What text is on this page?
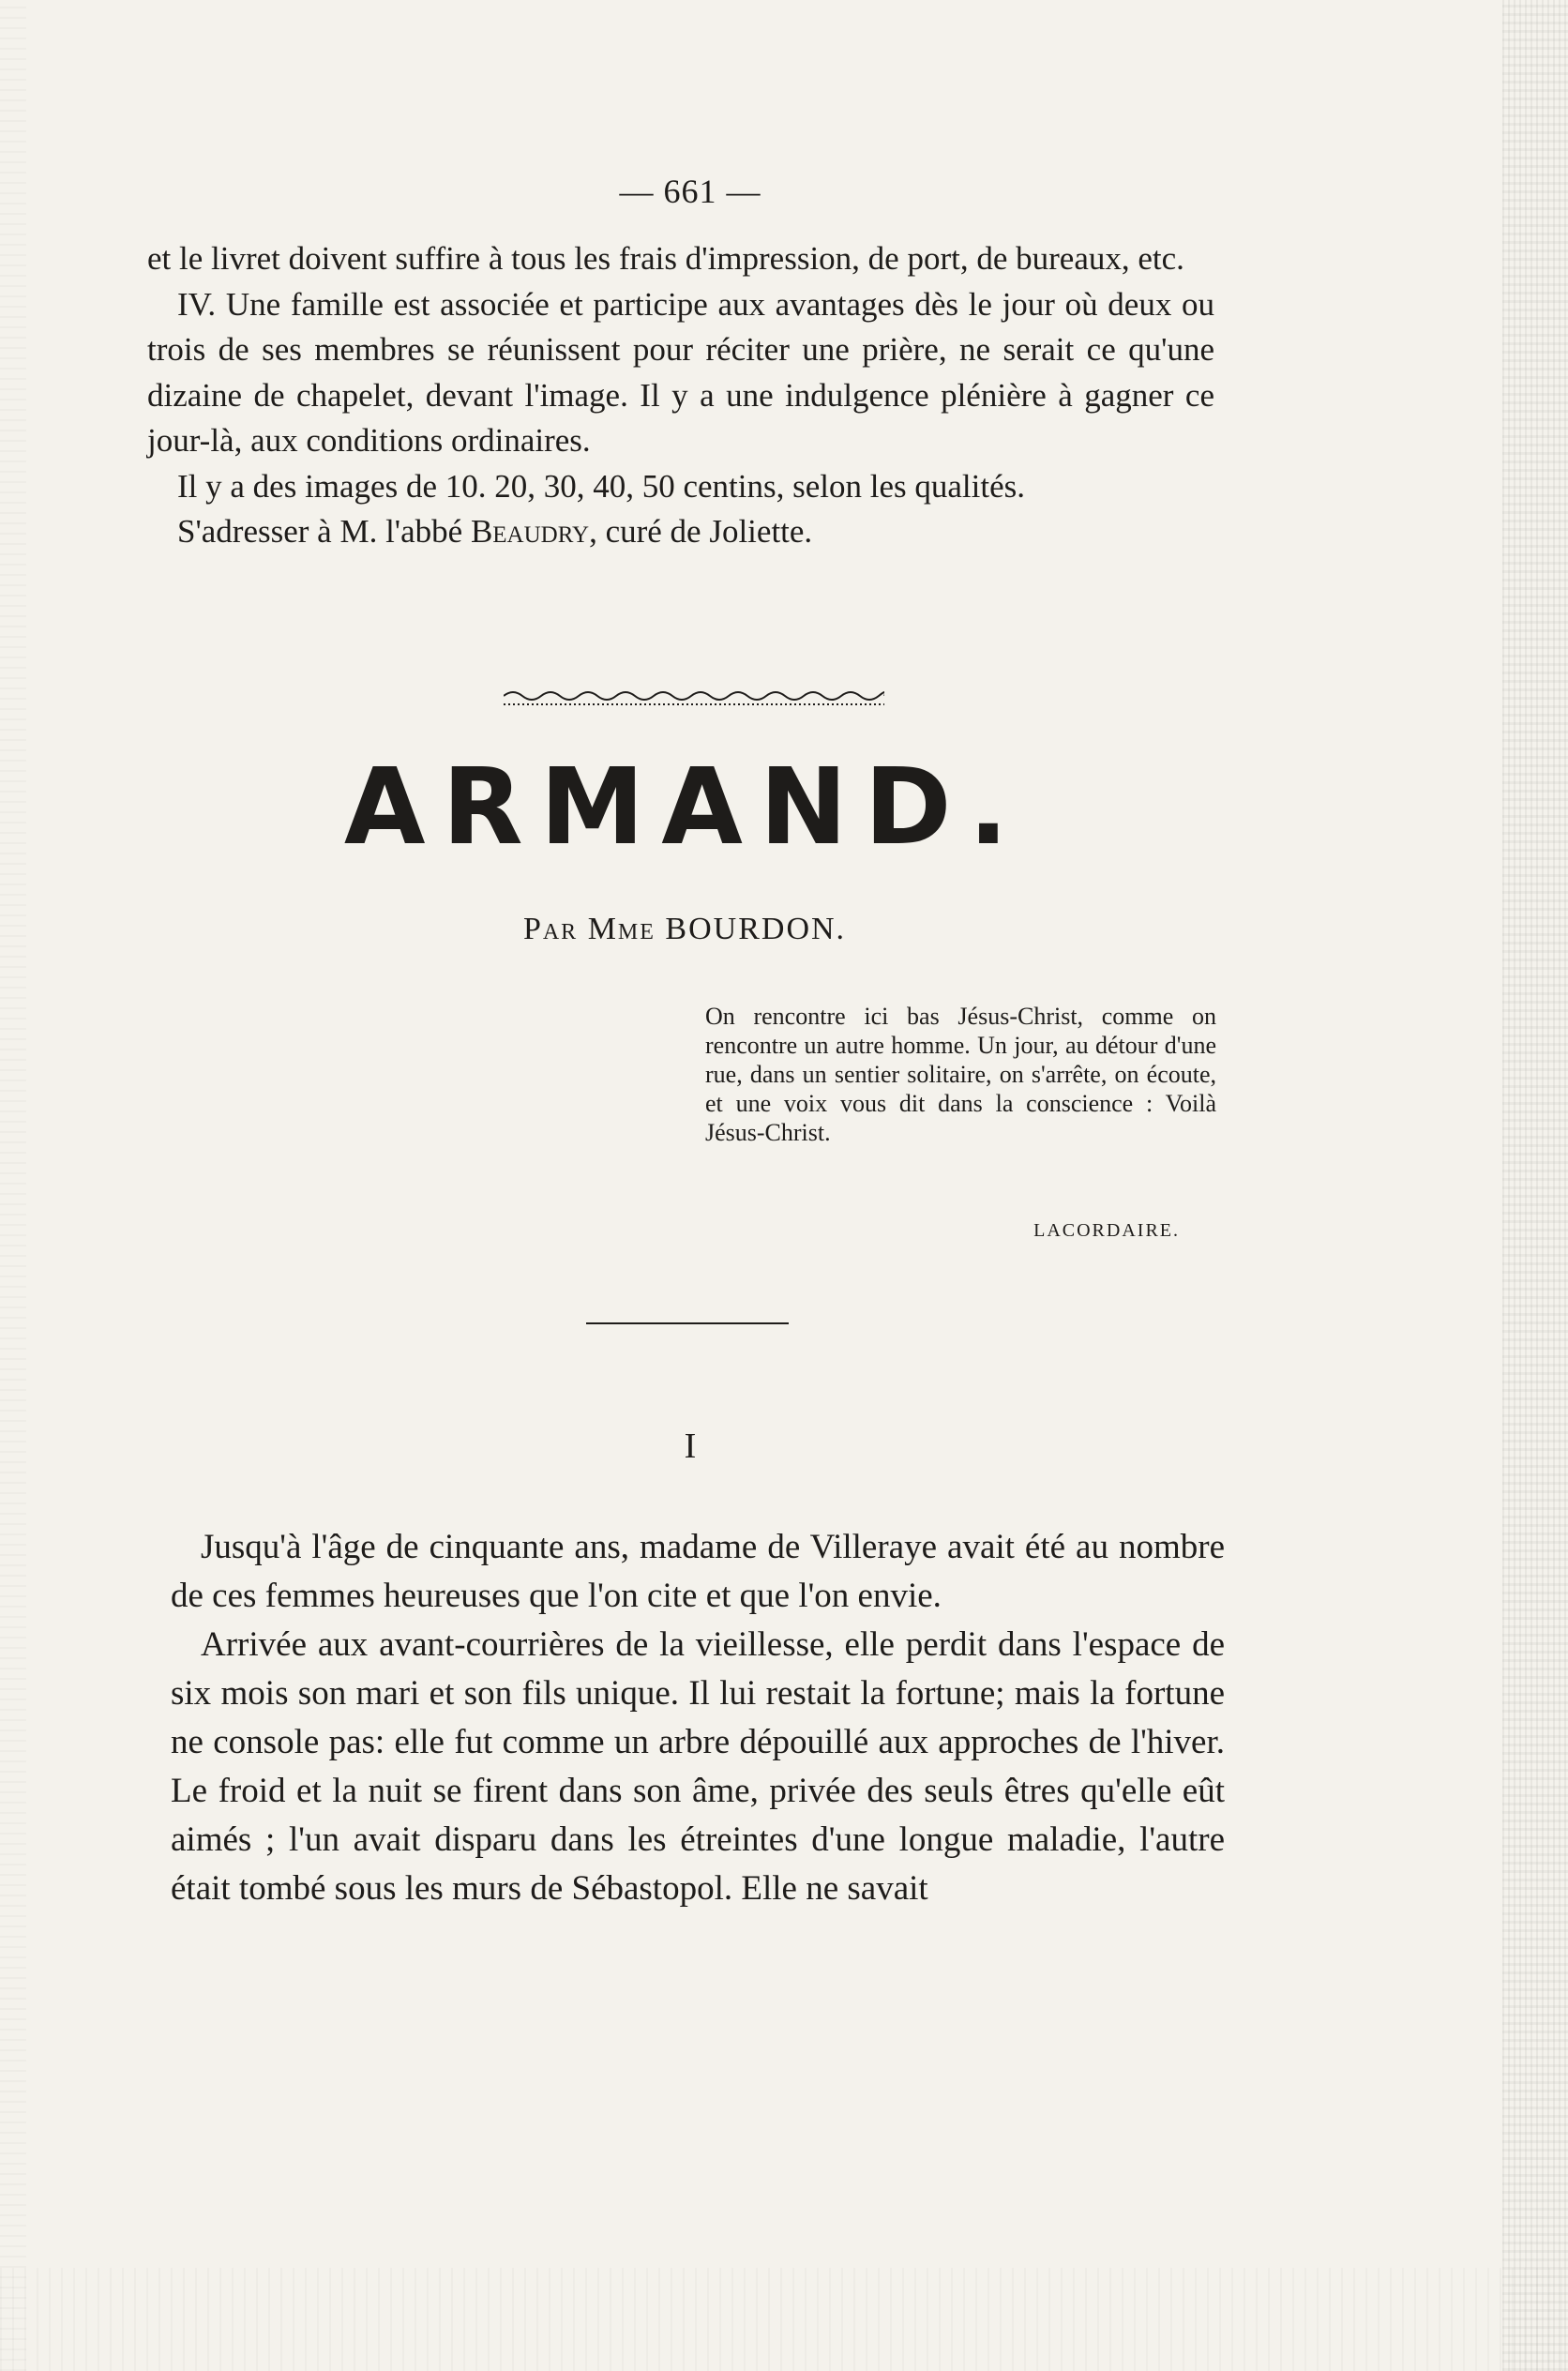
— 661 —

et le livret doivent suffire à tous les frais d'impression, de port, de bureaux, etc.

IV. Une famille est associée et participe aux avantages dès le jour où deux ou trois de ses membres se réunissent pour réciter une prière, ne serait ce qu'une dizaine de chapelet, devant l'image. Il y a une indulgence plénière à gagner ce jour-là, aux conditions ordinaires.

Il y a des images de 10. 20, 30, 40, 50 centins, selon les qualités.

S'adresser à M. l'abbé Beaudry, curé de Joliette.

ARMAND.
Par Mme BOURDON.
On rencontre ici bas Jésus-Christ, comme on rencontre un autre homme. Un jour, au détour d'une rue, dans un sentier solitaire, on s'arrête, on écoute, et une voix vous dit dans la conscience : Voilà Jésus-Christ.
LACORDAIRE.
I

Jusqu'à l'âge de cinquante ans, madame de Villeraye avait été au nombre de ces femmes heureuses que l'on cite et que l'on envie.

Arrivée aux avant-courrières de la vieillesse, elle perdit dans l'espace de six mois son mari et son fils unique. Il lui restait la fortune; mais la fortune ne console pas: elle fut comme un arbre dépouillé aux approches de l'hiver. Le froid et la nuit se firent dans son âme, privée des seuls êtres qu'elle eût aimés ; l'un avait disparu dans les étreintes d'une longue maladie, l'autre était tombé sous les murs de Sébastopol. Elle ne savait
